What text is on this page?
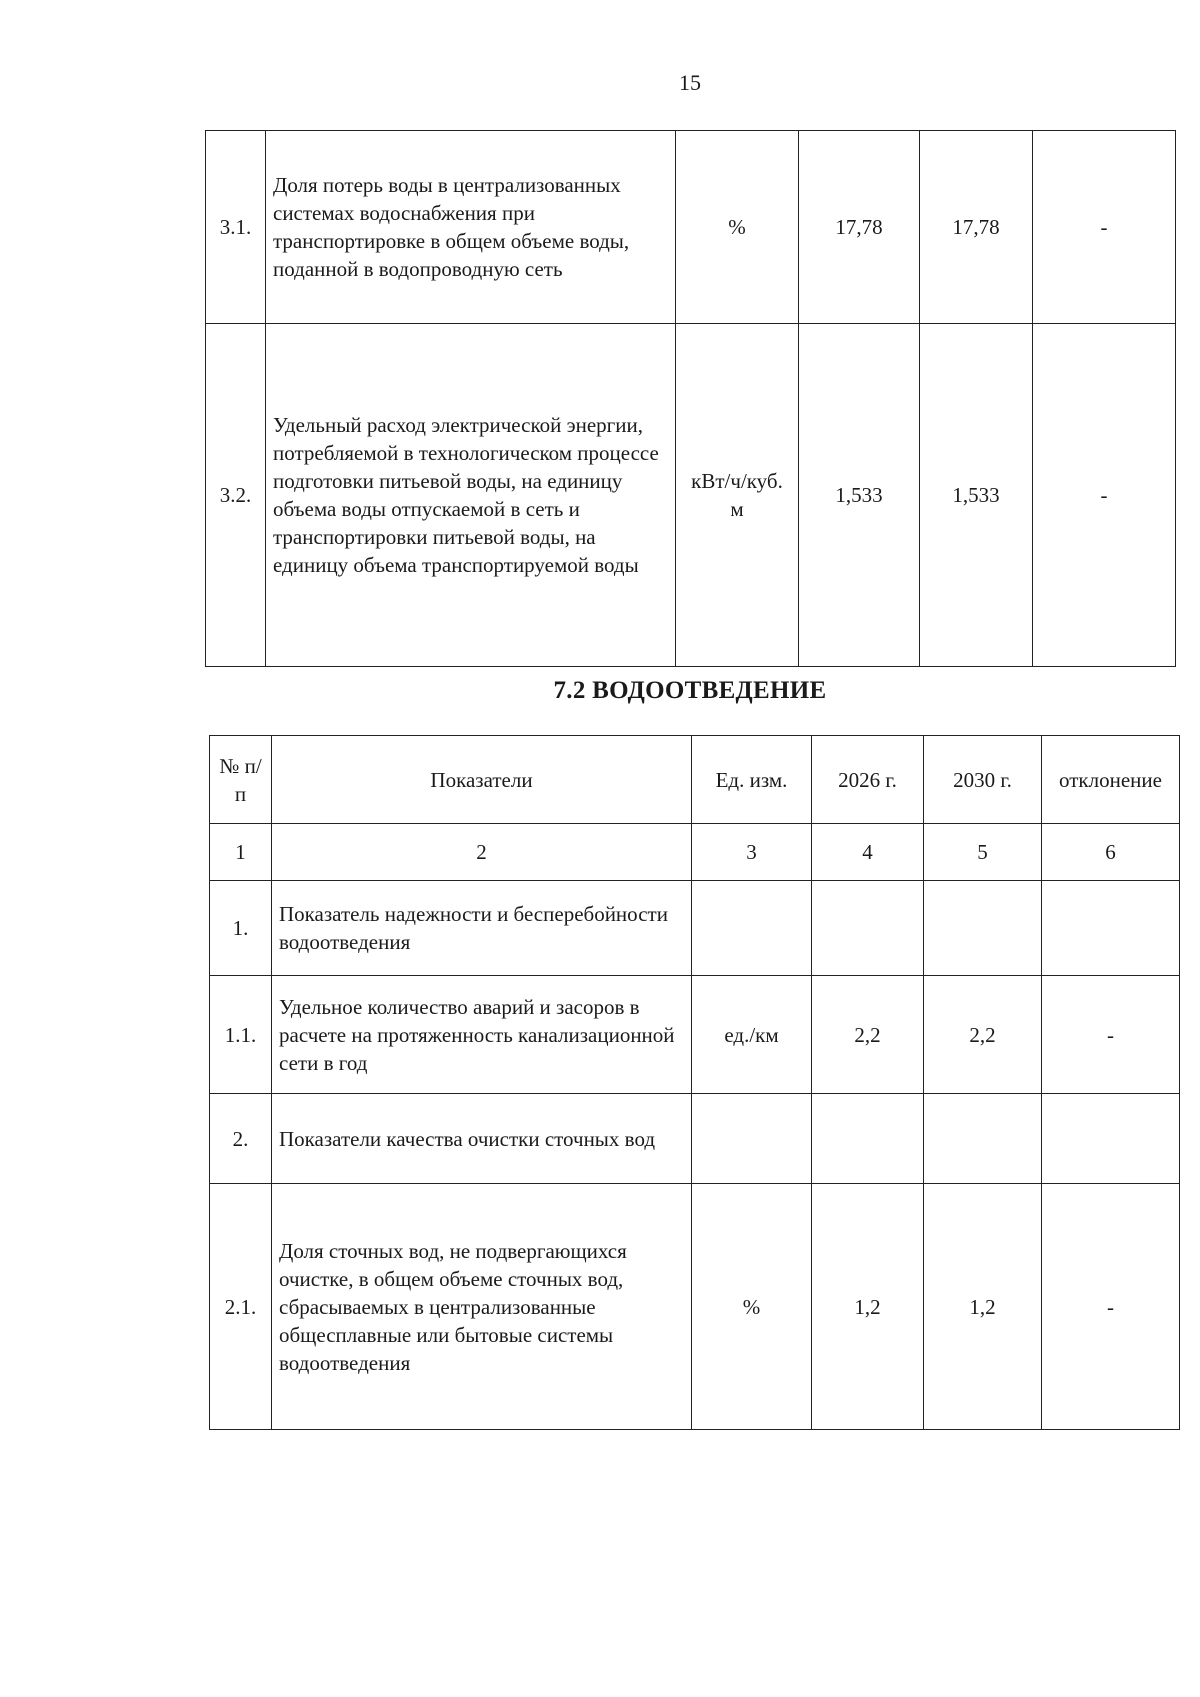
15
3.1.	Доля потерь воды в централизованных системах водоснабжения при транспортировке в общем объеме воды, поданной в водопроводную сеть	%	17,78	17,78	-
3.2.	Удельный расход электрической энергии, потребляемой в технологическом процессе подготовки питьевой воды, на единицу объема воды отпускаемой в сеть и транспортировки питьевой воды, на единицу объема транспортируемой воды	кВт/ч/куб. м	1,533	1,533	-
7.2 ВОДООТВЕДЕНИЕ
№ п/п	Показатели	Ед. изм.	2026 г.	2030 г.	отклонение
1	2	3	4	5	6
1.	Показатель надежности и бесперебойности водоотведения				
1.1.	Удельное количество аварий и засоров в расчете на протяженность канализационной сети в год	ед./км	2,2	2,2	-
2.	Показатели качества очистки сточных вод				
2.1.	Доля сточных вод, не подвергающихся очистке, в общем объеме сточных вод, сбрасываемых в централизованные общесплавные или бытовые системы водоотведения	%	1,2	1,2	-
